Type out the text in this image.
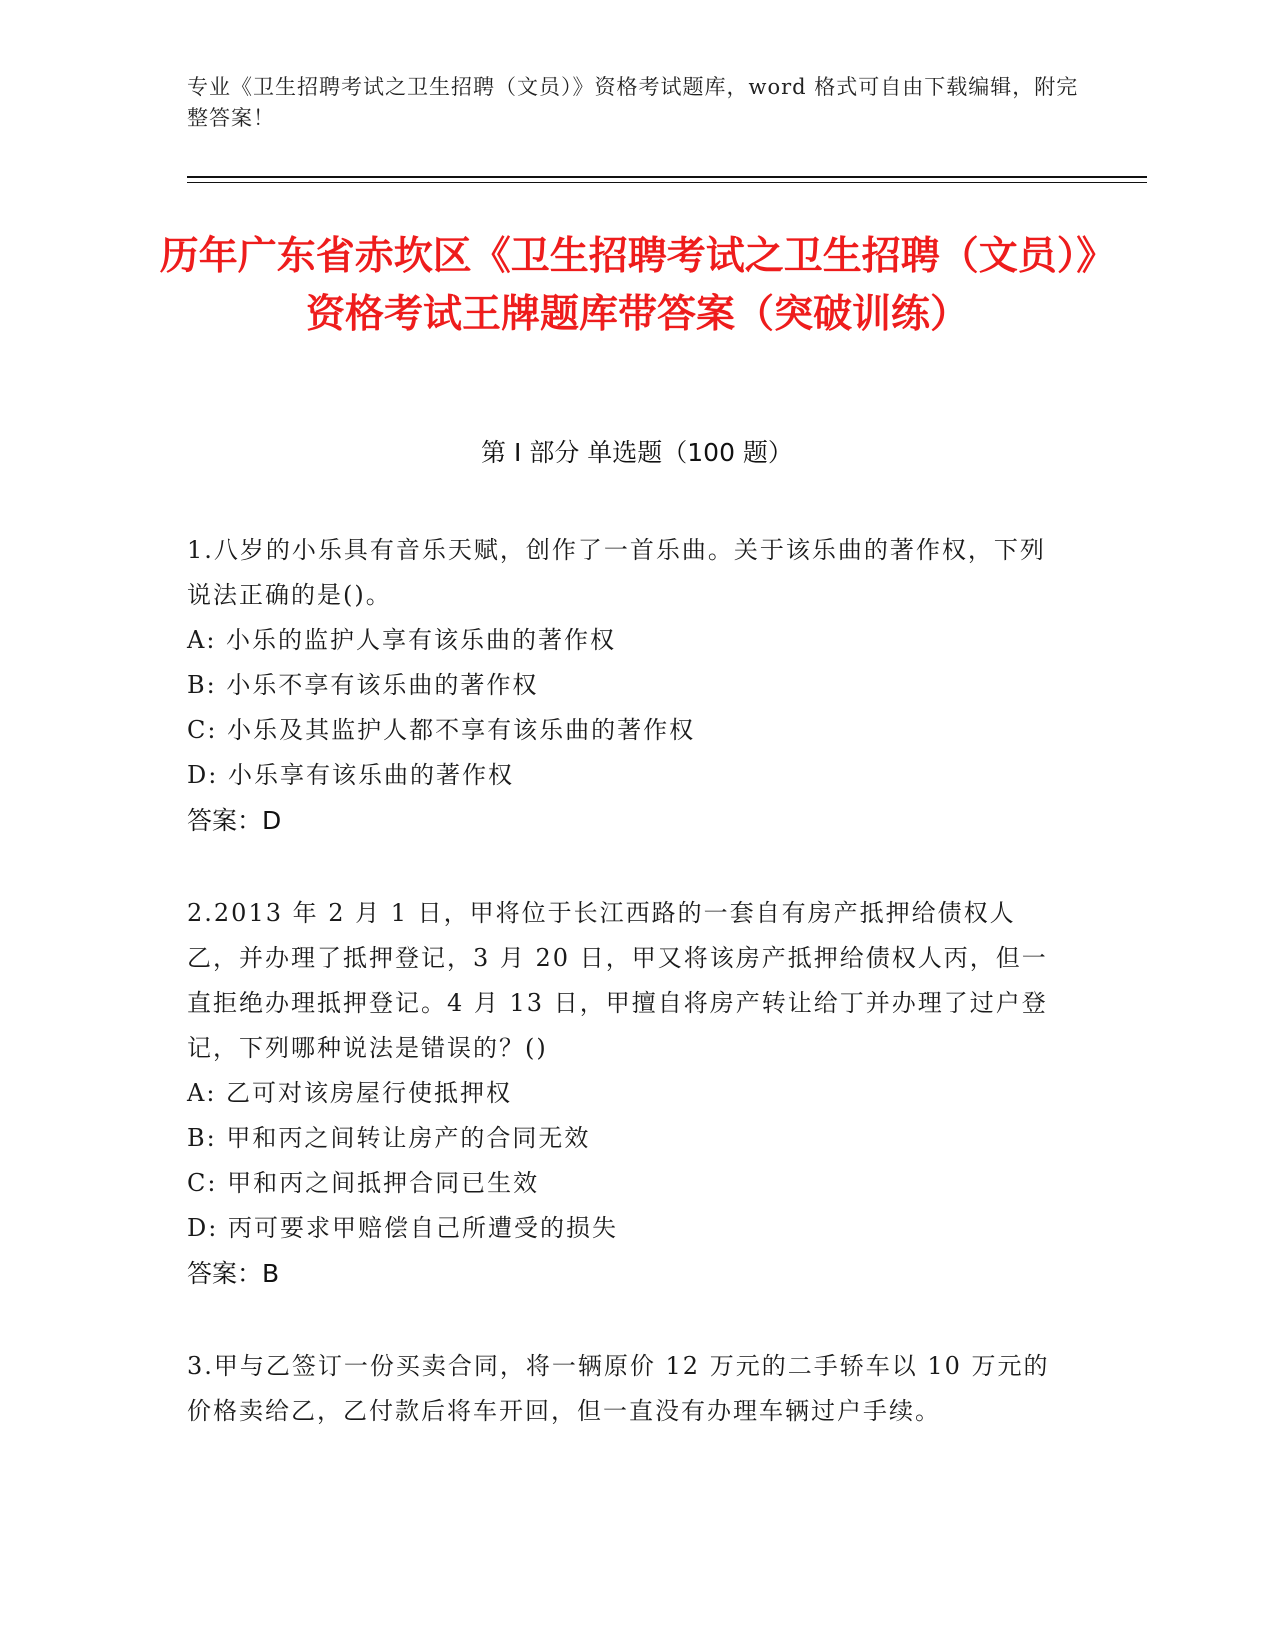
专业《卫生招聘考试之卫生招聘（文员）》资格考试题库，word 格式可自由下载编辑，附完整答案！
历年广东省赤坎区《卫生招聘考试之卫生招聘（文员）》资格考试王牌题库带答案（突破训练）
第 I 部分 单选题（100 题）

1.八岁的小乐具有音乐天赋，创作了一首乐曲。关于该乐曲的著作权，下列说法正确的是()。

A: 小乐的监护人享有该乐曲的著作权

B: 小乐不享有该乐曲的著作权

C: 小乐及其监护人都不享有该乐曲的著作权

D: 小乐享有该乐曲的著作权

答案：D

2.2013 年 2 月 1 日，甲将位于长江西路的一套自有房产抵押给债权人乙，并办理了抵押登记，3 月 20 日，甲又将该房产抵押给债权人丙，但一直拒绝办理抵押登记。4 月 13 日，甲擅自将房产转让给丁并办理了过户登记，下列哪种说法是错误的？()

A: 乙可对该房屋行使抵押权

B: 甲和丙之间转让房产的合同无效

C: 甲和丙之间抵押合同已生效

D: 丙可要求甲赔偿自己所遭受的损失

答案：B

3.甲与乙签订一份买卖合同，将一辆原价 12 万元的二手轿车以 10 万元的价格卖给乙，乙付款后将车开回，但一直没有办理车辆过户手续。
